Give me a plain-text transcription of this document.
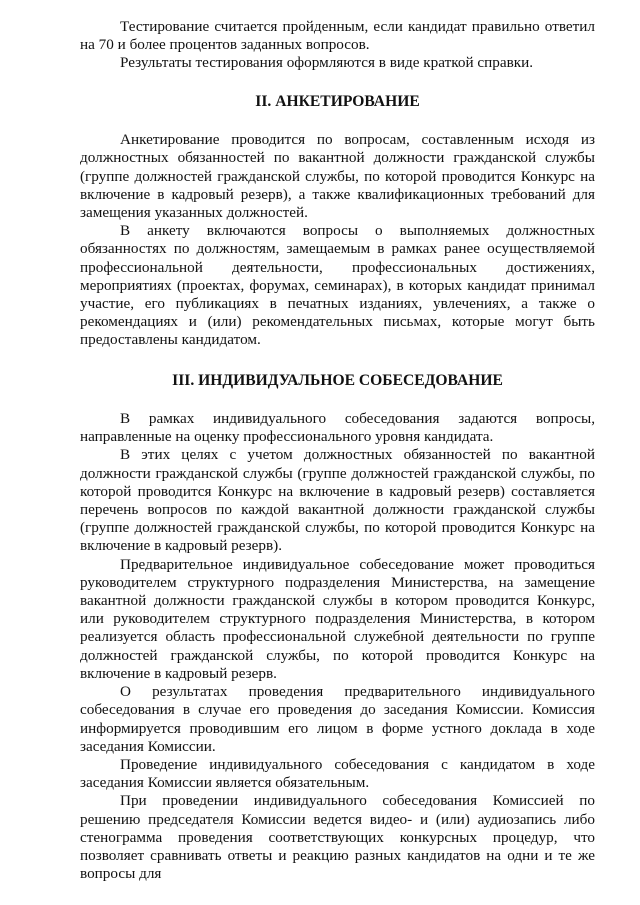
Тестирование считается пройденным, если кандидат правильно ответил на 70 и более процентов заданных вопросов.

Результаты тестирования оформляются в виде краткой справки.

II. АНКЕТИРОВАНИЕ

Анкетирование проводится по вопросам, составленным исходя из должностных обязанностей по вакантной должности гражданской службы (группе должностей гражданской службы, по которой проводится Конкурс на включение в кадровый резерв), а также квалификационных требований для замещения указанных должностей.

В анкету включаются вопросы о выполняемых должностных обязанностях по должностям, замещаемым в рамках ранее осуществляемой профессиональной деятельности, профессиональных достижениях, мероприятиях (проектах, форумах, семинарах), в которых кандидат принимал участие, его публикациях в печатных изданиях, увлечениях, а также о рекомендациях и (или) рекомендательных письмах, которые могут быть предоставлены кандидатом.

III. ИНДИВИДУАЛЬНОЕ СОБЕСЕДОВАНИЕ

В рамках индивидуального собеседования задаются вопросы, направленные на оценку профессионального уровня кандидата.

В этих целях с учетом должностных обязанностей по вакантной должности гражданской службы (группе должностей гражданской службы, по которой проводится Конкурс на включение в кадровый резерв) составляется перечень вопросов по каждой вакантной должности гражданской службы (группе должностей гражданской службы, по которой проводится Конкурс на включение в кадровый резерв).

Предварительное индивидуальное собеседование может проводиться руководителем структурного подразделения Министерства, на замещение вакантной должности гражданской службы в котором проводится Конкурс, или руководителем структурного подразделения Министерства, в котором реализуется область профессиональной служебной деятельности по группе должностей гражданской службы, по которой проводится Конкурс на включение в кадровый резерв.

О результатах проведения предварительного индивидуального собеседования в случае его проведения до заседания Комиссии. Комиссия информируется проводившим его лицом в форме устного доклада в ходе заседания Комиссии.

Проведение индивидуального собеседования с кандидатом в ходе заседания Комиссии является обязательным.

При проведении индивидуального собеседования Комиссией по решению председателя Комиссии ведется видео- и (или) аудиозапись либо стенограмма проведения соответствующих конкурсных процедур, что позволяет сравнивать ответы и реакцию разных кандидатов на одни и те же вопросы для
